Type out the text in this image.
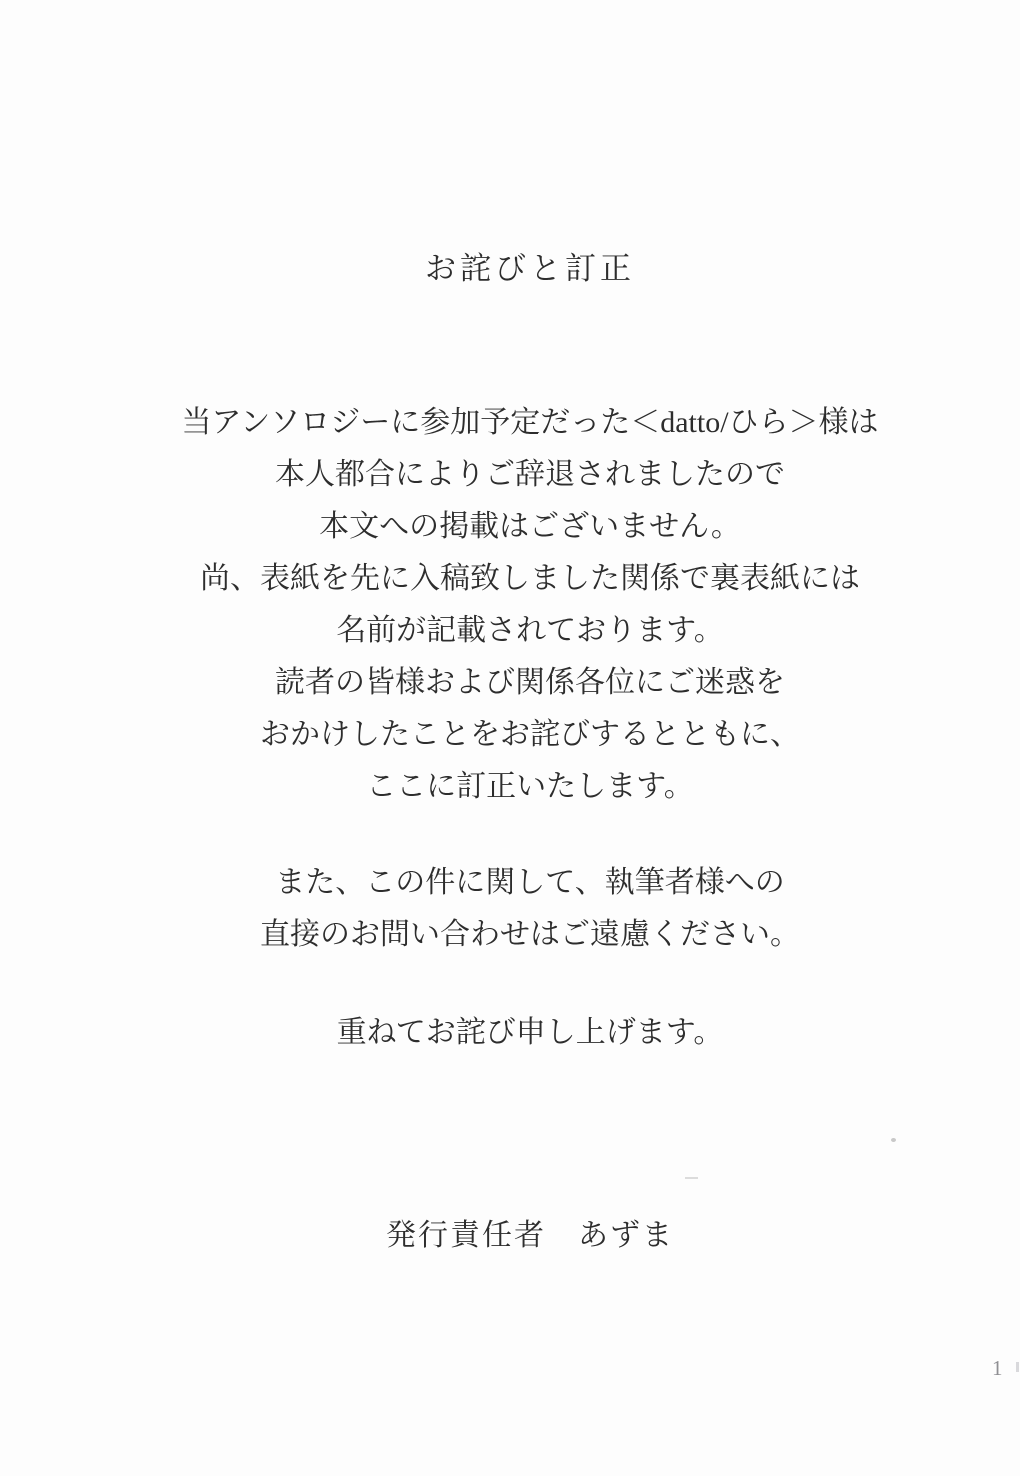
お詫びと訂正
当アンソロジーに参加予定だった＜datto/ひら＞様は
本人都合によりご辞退されましたので
本文への掲載はございません。
尚、表紙を先に入稿致しました関係で裏表紙には
名前が記載されております。
読者の皆様および関係各位にご迷惑を
おかけしたことをお詫びするとともに、
ここに訂正いたします。
また、この件に関して、執筆者様への
直接のお問い合わせはご遠慮ください。
重ねてお詫び申し上げます。
発行責任者　あずま
1
